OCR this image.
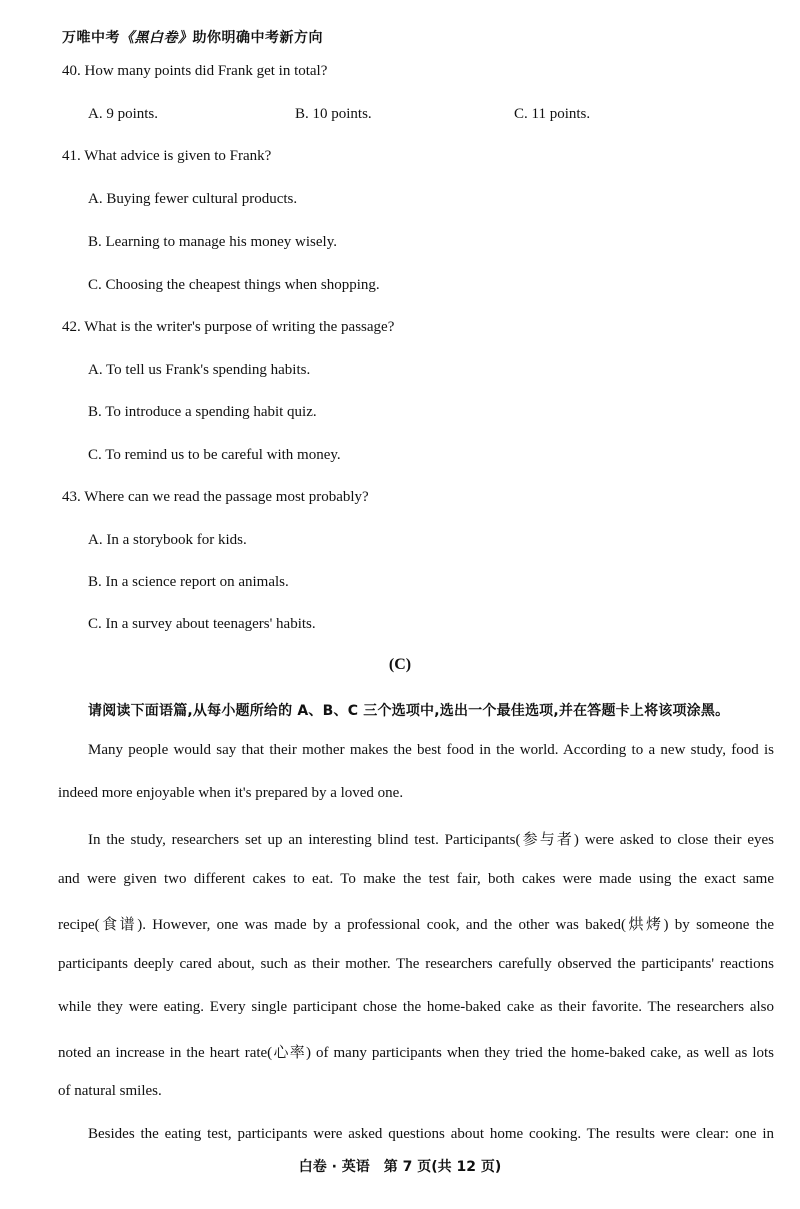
万唯中考《黑白卷》助你明确中考新方向
40. How many points did Frank get in total?
A. 9 points.	B. 10 points.	C. 11 points.
41. What advice is given to Frank?
A. Buying fewer cultural products.
B. Learning to manage his money wisely.
C. Choosing the cheapest things when shopping.
42. What is the writer's purpose of writing the passage?
A. To tell us Frank's spending habits.
B. To introduce a spending habit quiz.
C. To remind us to be careful with money.
43. Where can we read the passage most probably?
A. In a storybook for kids.
B. In a science report on animals.
C. In a survey about teenagers' habits.
(C)
请阅读下面语篇,从每小题所给的 A、B、C 三个选项中,选出一个最佳选项,并在答题卡上将该项涂黑。
Many people would say that their mother makes the best food in the world. According to a new study, food is
indeed more enjoyable when it's prepared by a loved one.
In the study, researchers set up an interesting blind test. Participants(参与者) were asked to close their eyes
and were given two different cakes to eat. To make the test fair, both cakes were made using the exact same
recipe(食谱). However, one was made by a professional cook, and the other was baked(烘烤) by someone the
participants deeply cared about, such as their mother. The researchers carefully observed the participants' reactions
while they were eating. Every single participant chose the home-baked cake as their favorite. The researchers also
noted an increase in the heart rate(心率) of many participants when they tried the home-baked cake, as well as lots
of natural smiles.
Besides the eating test, participants were asked questions about home cooking. The results were clear: one in
白卷 · 英语　第 7 页(共 12 页)
